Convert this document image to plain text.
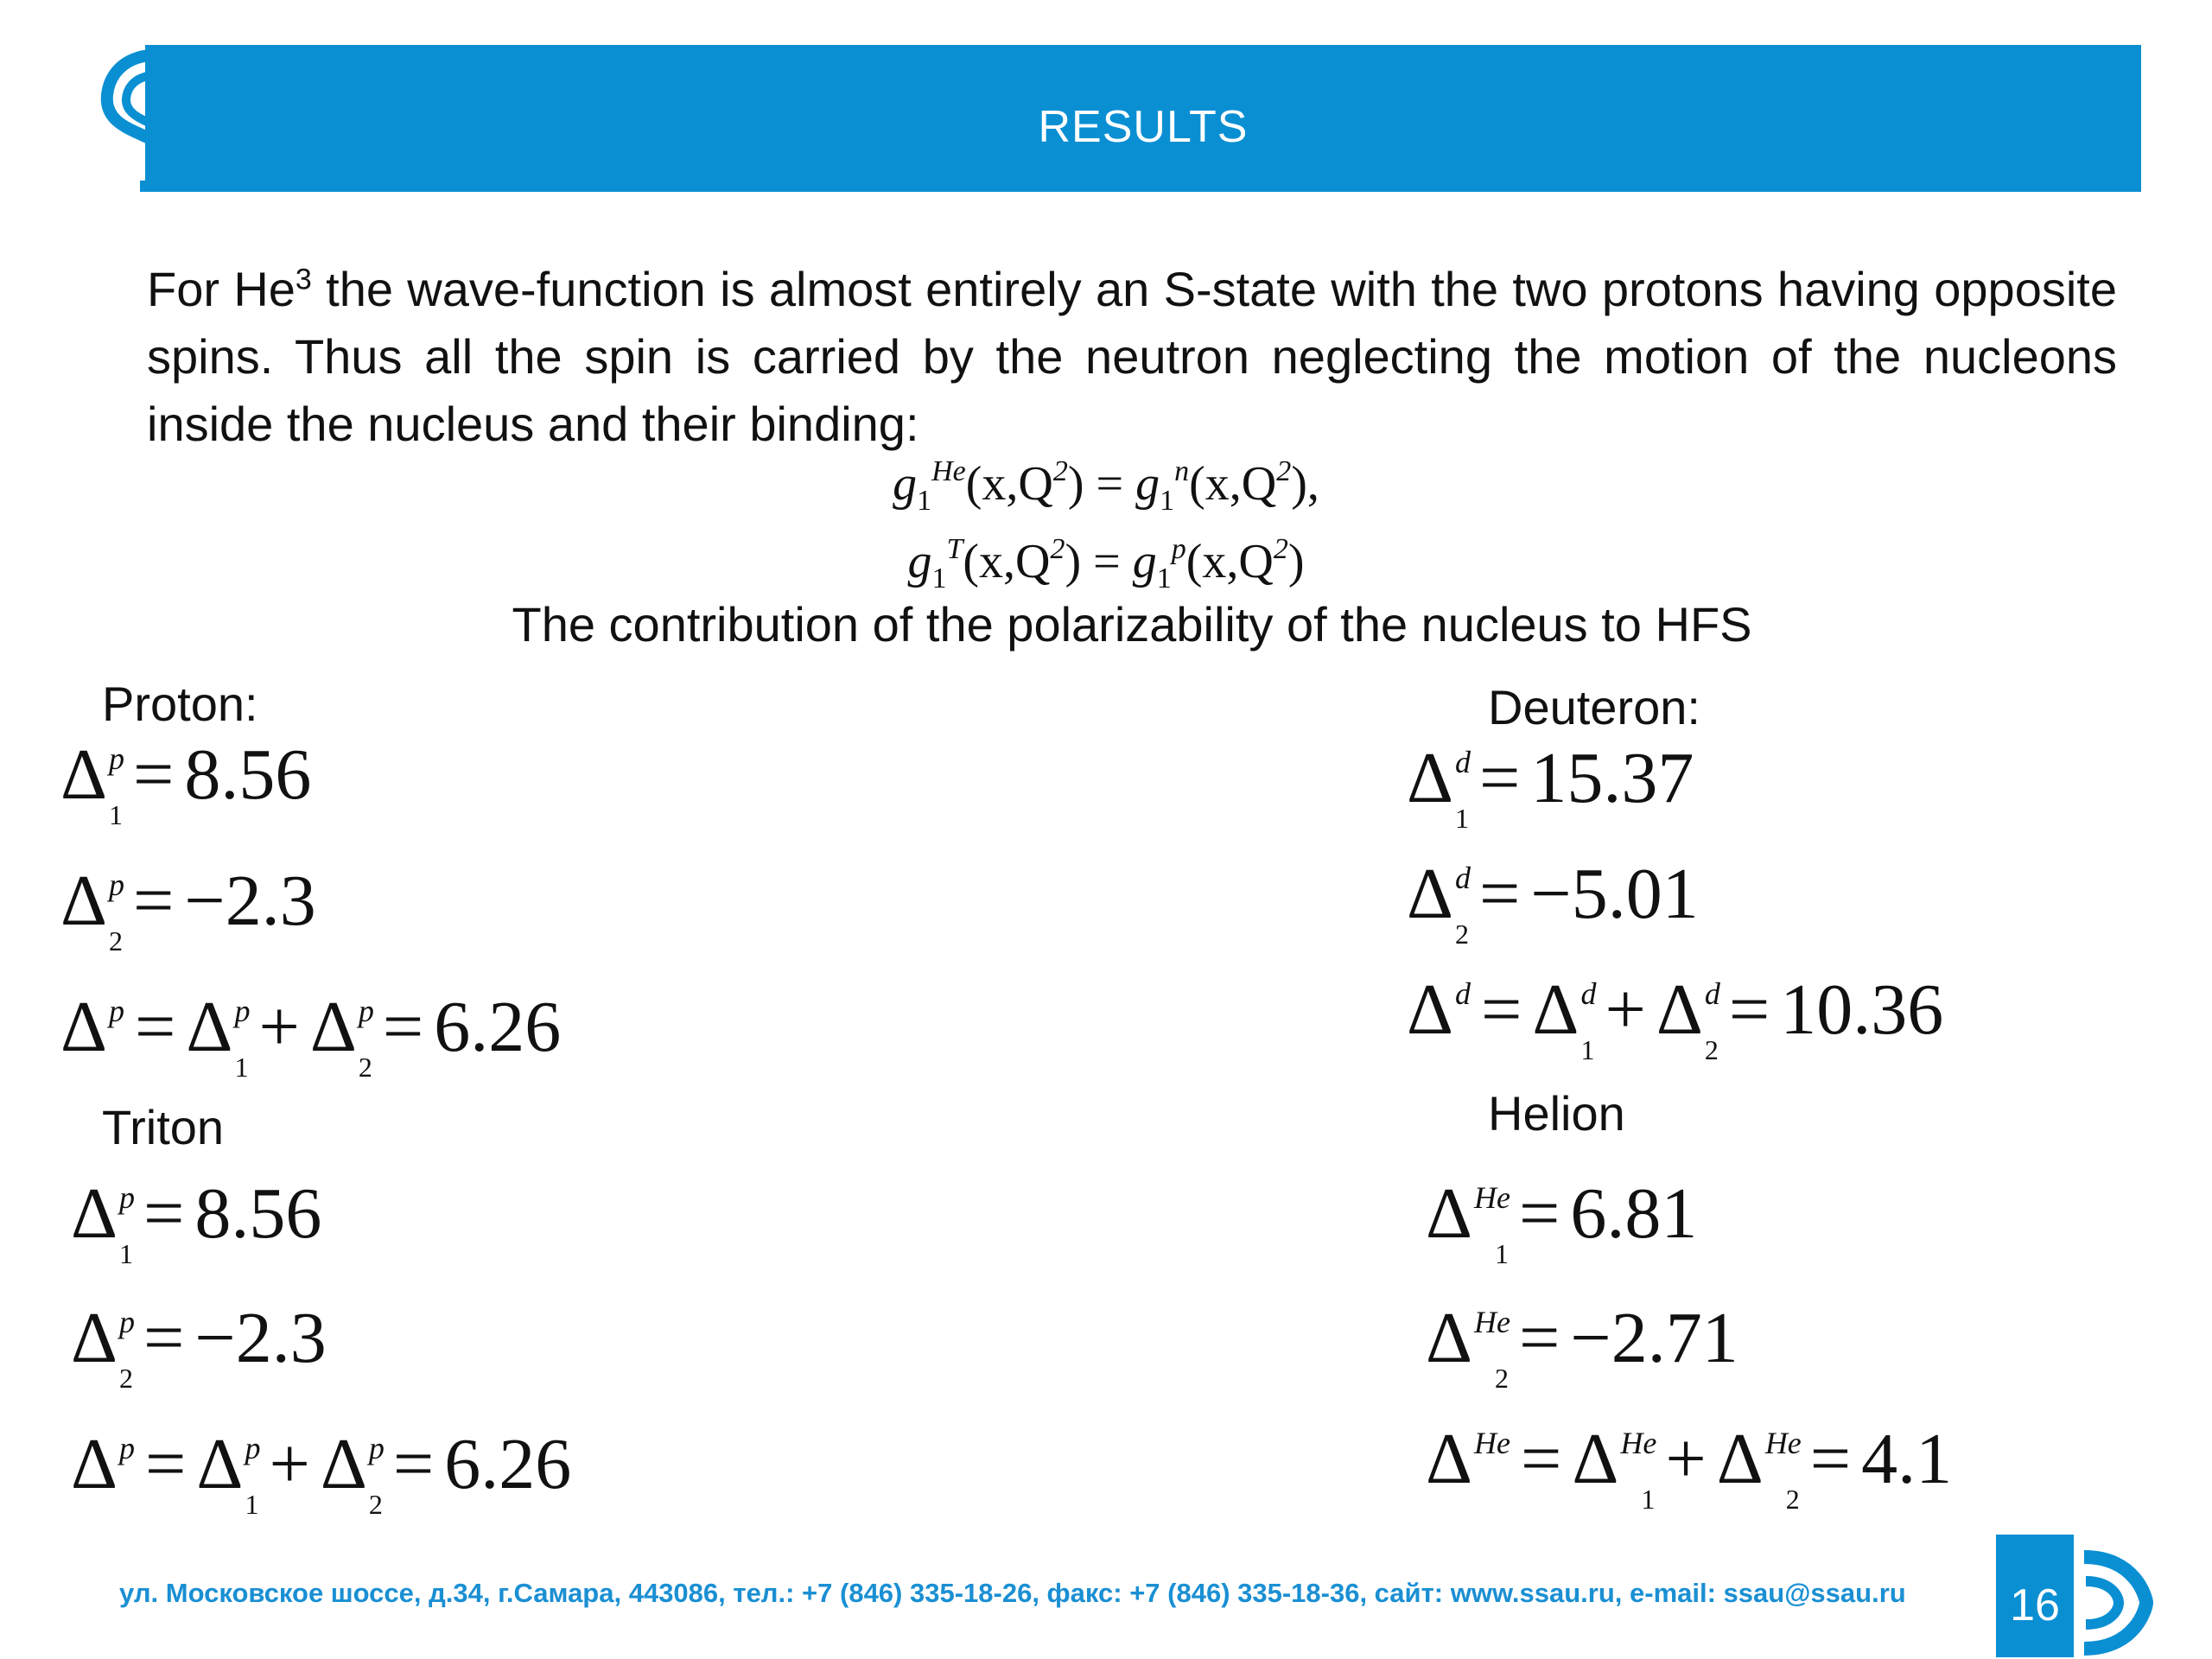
RESULTS
For He$^3$ the wave-function is almost entirely an S-state with the two protons having opposite spins. Thus all the spin is carried by the neutron neglecting the motion of the nucleons inside the nucleus and their binding:
$g_1^{He}(x,Q^2) = g_1^n(x,Q^2)$,
$g_1^T(x,Q^2) = g_1^p(x,Q^2)$
The contribution of the polarizability of the nucleus to HFS
Proton:	Deuteron:
Triton	Helion
$\Delta^p_1 = 8.56$
$\Delta^p_2 = -2.3$
$\Delta^p = \Delta^p_1 + \Delta^p_2 = 6.26$
$\Delta^d_1 = 15.37$
$\Delta^d_2 = -5.01$
$\Delta^d = \Delta^d_1 + \Delta^d_2 = 10.36$
$\Delta^p_1 = 8.56$
$\Delta^p_2 = -2.3$
$\Delta^p = \Delta^p_1 + \Delta^p_2 = 6.26$
$\Delta^{He}_1 = 6.81$
$\Delta^{He}_2 = -2.71$
$\Delta^{He} = \Delta^{He}_1 + \Delta^{He}_2 = 4.1$
ул. Московское шоссе, д.34, г.Самара, 443086, тел.: +7 (846) 335-18-26, факс: +7 (846) 335-18-36, сайт: www.ssau.ru, e-mail: ssau@ssau.ru	16
